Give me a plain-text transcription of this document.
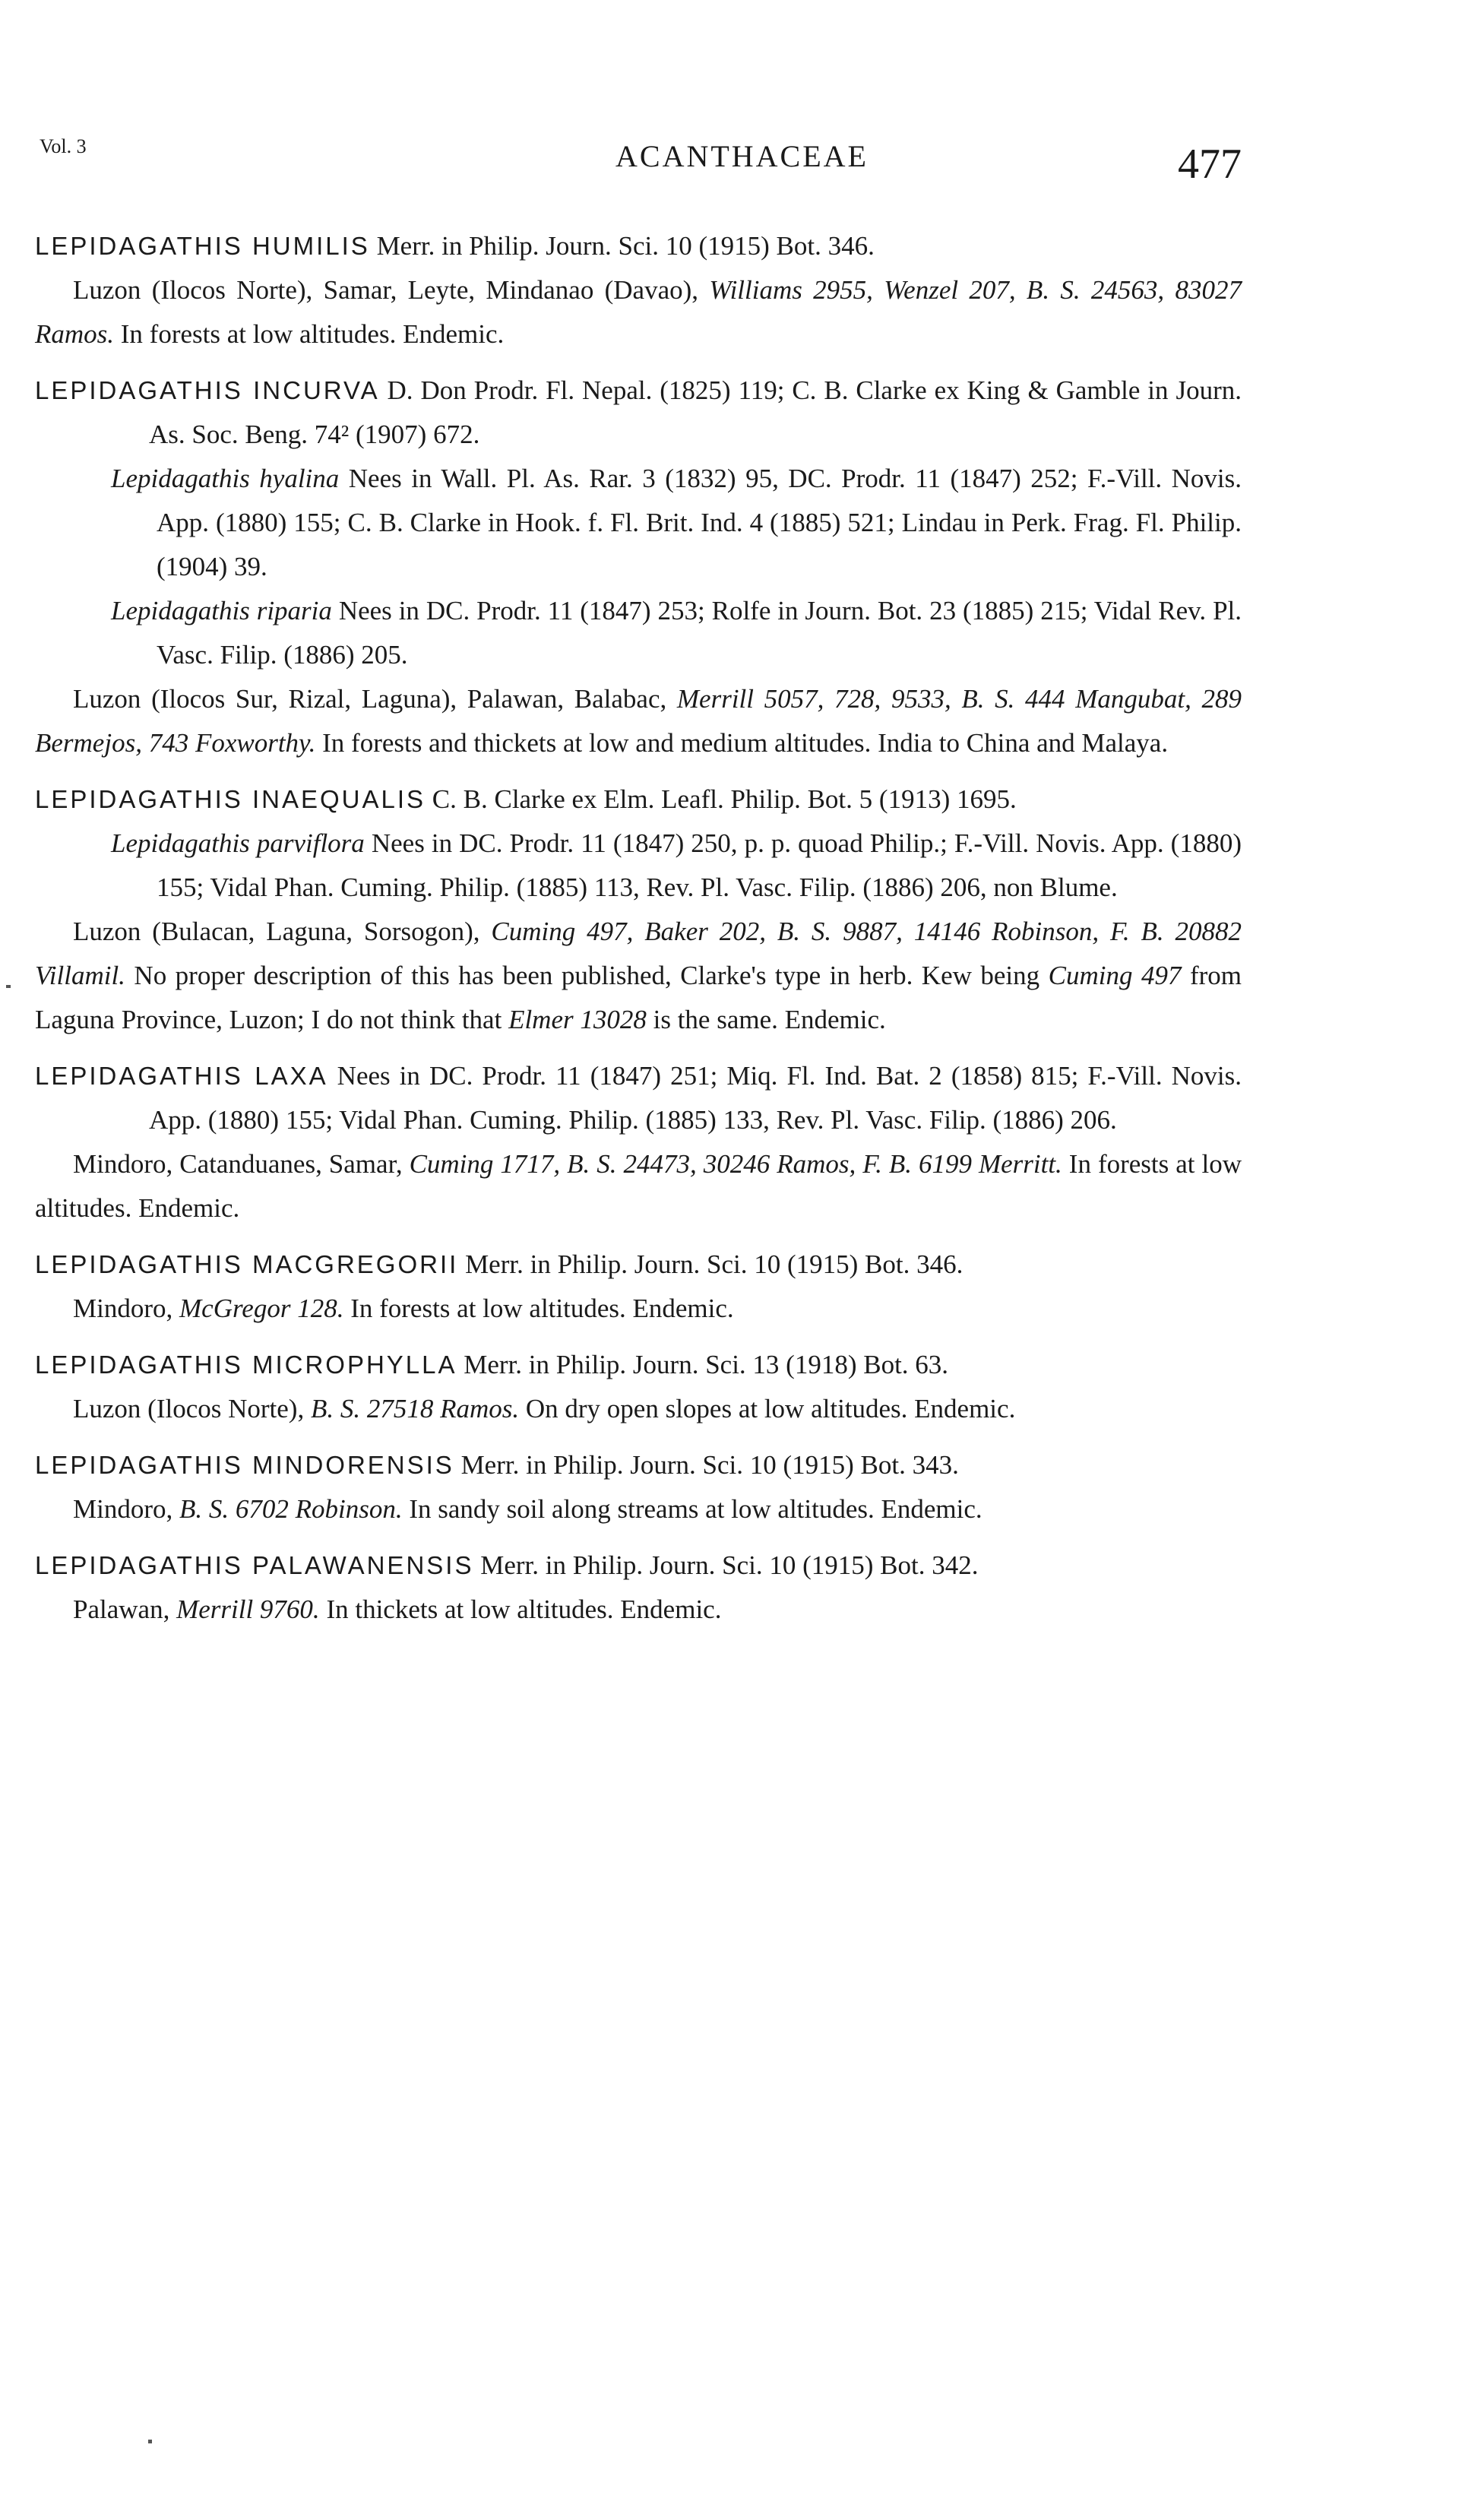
Vol. 3	ACANTHACEAE	477

LEPIDAGATHIS HUMILIS Merr. in Philip. Journ. Sci. 10 (1915) Bot. 346.

Luzon (Ilocos Norte), Samar, Leyte, Mindanao (Davao), Williams 2955, Wenzel 207, B. S. 24563, 83027 Ramos. In forests at low altitudes. Endemic.

LEPIDAGATHIS INCURVA D. Don Prodr. Fl. Nepal. (1825) 119; C. B. Clarke ex King & Gamble in Journ. As. Soc. Beng. 74² (1907) 672.

Lepidagathis hyalina Nees in Wall. Pl. As. Rar. 3 (1832) 95, DC. Prodr. 11 (1847) 252; F.-Vill. Novis. App. (1880) 155; C. B. Clarke in Hook. f. Fl. Brit. Ind. 4 (1885) 521; Lindau in Perk. Frag. Fl. Philip. (1904) 39.

Lepidagathis riparia Nees in DC. Prodr. 11 (1847) 253; Rolfe in Journ. Bot. 23 (1885) 215; Vidal Rev. Pl. Vasc. Filip. (1886) 205.

Luzon (Ilocos Sur, Rizal, Laguna), Palawan, Balabac, Merrill 5057, 728, 9533, B. S. 444 Mangubat, 289 Bermejos, 743 Foxworthy. In forests and thickets at low and medium altitudes. India to China and Malaya.

LEPIDAGATHIS INAEQUALIS C. B. Clarke ex Elm. Leafl. Philip. Bot. 5 (1913) 1695.

Lepidagathis parviflora Nees in DC. Prodr. 11 (1847) 250, p. p. quoad Philip.; F.-Vill. Novis. App. (1880) 155; Vidal Phan. Cuming. Philip. (1885) 113, Rev. Pl. Vasc. Filip. (1886) 206, non Blume.

Luzon (Bulacan, Laguna, Sorsogon), Cuming 497, Baker 202, B. S. 9887, 14146 Robinson, F. B. 20882 Villamil. No proper description of this has been published, Clarke's type in herb. Kew being Cuming 497 from Laguna Province, Luzon; I do not think that Elmer 13028 is the same. Endemic.

LEPIDAGATHIS LAXA Nees in DC. Prodr. 11 (1847) 251; Miq. Fl. Ind. Bat. 2 (1858) 815; F.-Vill. Novis. App. (1880) 155; Vidal Phan. Cuming. Philip. (1885) 133, Rev. Pl. Vasc. Filip. (1886) 206.

Mindoro, Catanduanes, Samar, Cuming 1717, B. S. 24473, 30246 Ramos, F. B. 6199 Merritt. In forests at low altitudes. Endemic.

LEPIDAGATHIS MACGREGORII Merr. in Philip. Journ. Sci. 10 (1915) Bot. 346.

Mindoro, McGregor 128. In forests at low altitudes. Endemic.

LEPIDAGATHIS MICROPHYLLA Merr. in Philip. Journ. Sci. 13 (1918) Bot. 63.

Luzon (Ilocos Norte), B. S. 27518 Ramos. On dry open slopes at low altitudes. Endemic.

LEPIDAGATHIS MINDORENSIS Merr. in Philip. Journ. Sci. 10 (1915) Bot. 343.

Mindoro, B. S. 6702 Robinson. In sandy soil along streams at low altitudes. Endemic.

LEPIDAGATHIS PALAWANENSIS Merr. in Philip. Journ. Sci. 10 (1915) Bot. 342.

Palawan, Merrill 9760. In thickets at low altitudes. Endemic.
